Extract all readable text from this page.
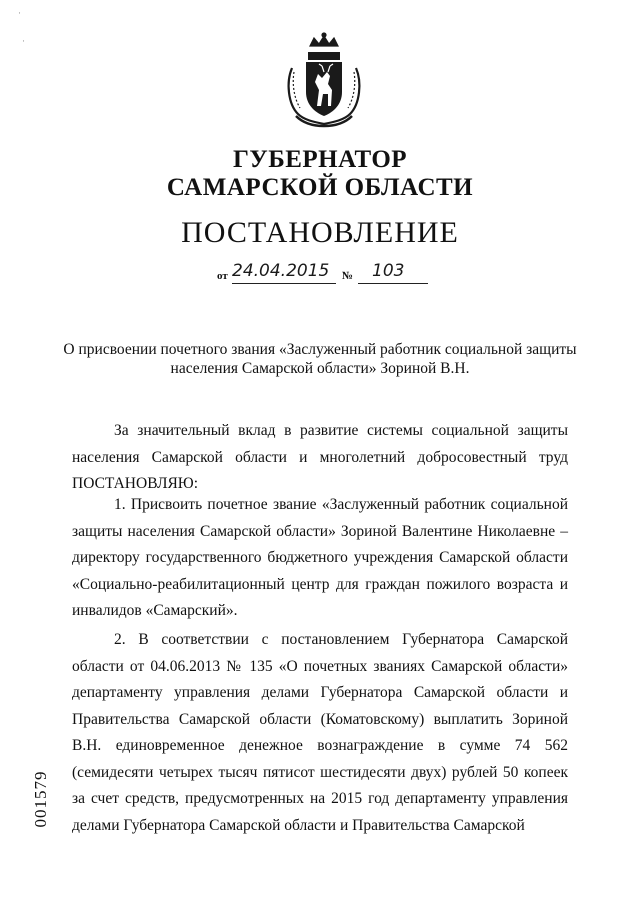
ГУБЕРНАТОР
САМАРСКОЙ ОБЛАСТИ
ПОСТАНОВЛЕНИЕ
от 24.04.2015 № 103
О присвоении почетного звания «Заслуженный работник социальной защиты населения Самарской области» Зориной В.Н.

За значительный вклад в развитие системы социальной защиты населения Самарской области и многолетний добросовестный труд ПОСТАНОВЛЯЮ:

1. Присвоить почетное звание «Заслуженный работник социальной защиты населения Самарской области» Зориной Валентине Николаевне – директору государственного бюджетного учреждения Самарской области «Социально-реабилитационный центр для граждан пожилого возраста и инвалидов «Самарский».

2. В соответствии с постановлением Губернатора Самарской области от 04.06.2013 № 135 «О почетных званиях Самарской области» департаменту управления делами Губернатора Самарской области и Правительства Самарской области (Коматовскому) выплатить Зориной В.Н. единовременное денежное вознаграждение в сумме 74 562 (семидесяти четырех тысяч пятисот шестидесяти двух) рублей 50 копеек за счет средств, предусмотренных на 2015 год департаменту управления делами Губернатора Самарской области и Правительства Самарской

001579
·
·
